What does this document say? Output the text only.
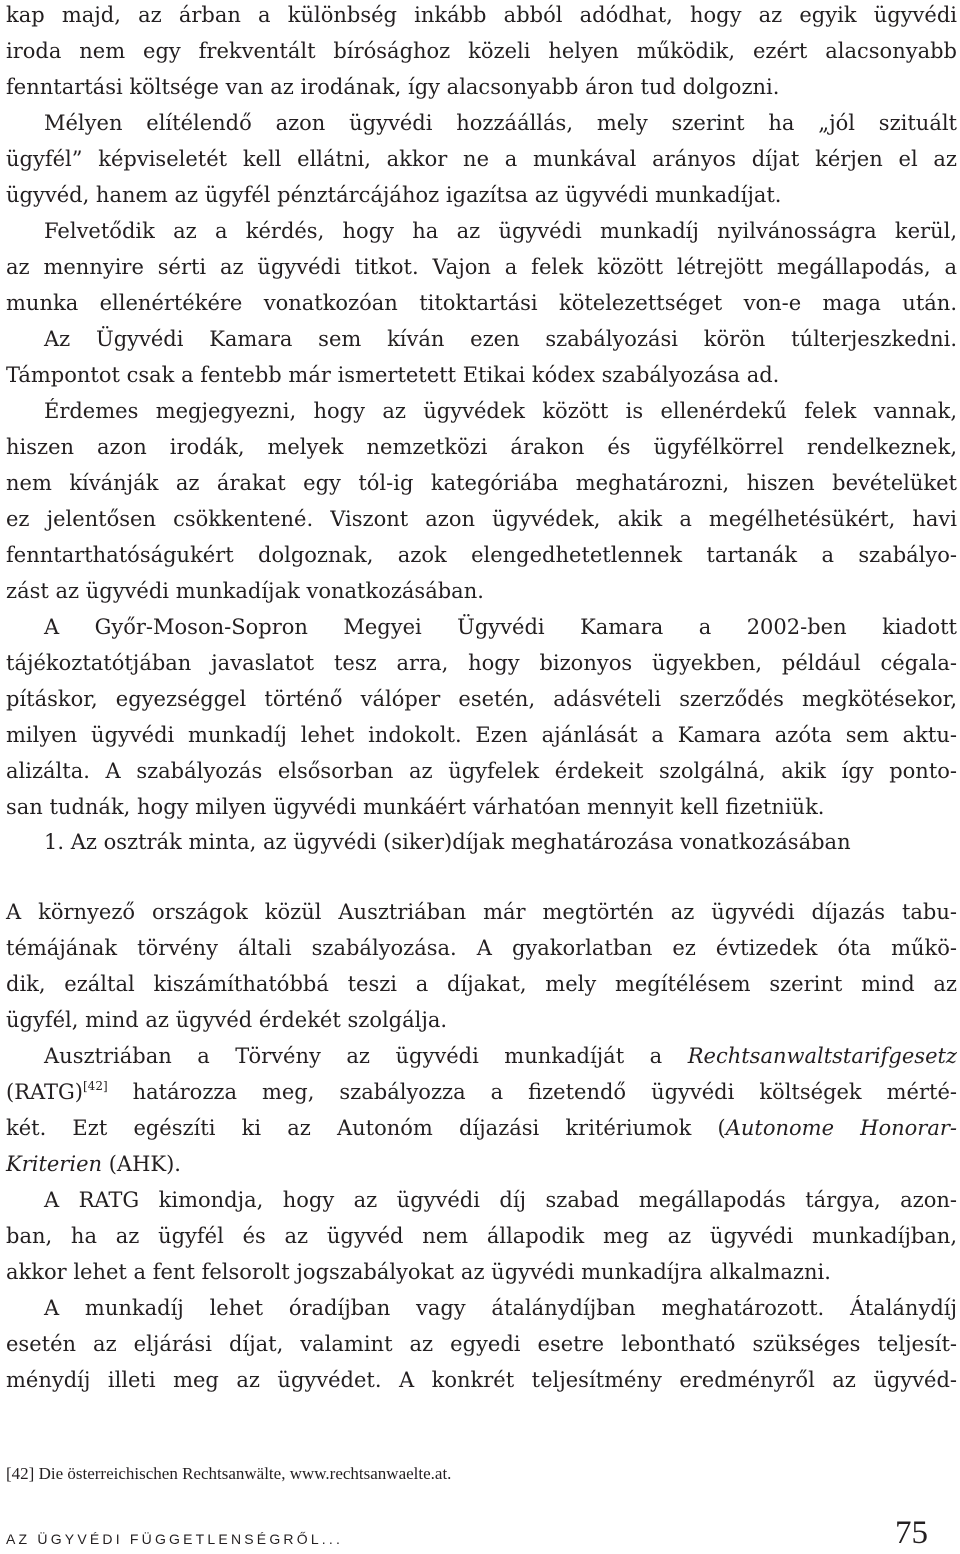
kap majd, az árban a különbség inkább abból adódhat, hogy az egyik ügyvédi
iroda nem egy frekventált bírósághoz közeli helyen működik, ezért alacsonyabb
fenntartási költsége van az irodának, így alacsonyabb áron tud dolgozni.
Mélyen elítélendő azon ügyvédi hozzáállás, mely szerint ha „jól szituált
ügyfél” képviseletét kell ellátni, akkor ne a munkával arányos díjat kérjen el az
ügyvéd, hanem az ügyfél pénztárcájához igazítsa az ügyvédi munkadíjat.
Felvetődik az a kérdés, hogy ha az ügyvédi munkadíj nyilvánosságra kerül,
az mennyire sérti az ügyvédi titkot. Vajon a felek között létrejött megállapodás, a
munka ellenértékére vonatkozóan titoktartási kötelezettséget von-e maga után.
Az Ügyvédi Kamara sem kíván ezen szabályozási körön túlterjeszkedni.
Támpontot csak a fentebb már ismertetett Etikai kódex szabályozása ad.
Érdemes megjegyezni, hogy az ügyvédek között is ellenérdekű felek vannak,
hiszen azon irodák, melyek nemzetközi árakon és ügyfélkörrel rendelkeznek,
nem kívánják az árakat egy tól-ig kategóriába meghatározni, hiszen bevételüket
ez jelentősen csökkentené. Viszont azon ügyvédek, akik a megélhetésükért, havi
fenntarthatóságukért dolgoznak, azok elengedhetetlennek tartanák a szabályo-
zást az ügyvédi munkadíjak vonatkozásában.
A Győr-Moson-Sopron Megyei Ügyvédi Kamara a 2002-ben kiadott
tájékoztatótjában javaslatot tesz arra, hogy bizonyos ügyekben, például cégala-
pításkor, egyezséggel történő válóper esetén, adásvételi szerződés megkötésekor,
milyen ügyvédi munkadíj lehet indokolt. Ezen ajánlását a Kamara azóta sem aktu-
alizálta. A szabályozás elsősorban az ügyfelek érdekeit szolgálná, akik így ponto-
san tudnák, hogy milyen ügyvédi munkáért várhatóan mennyit kell fizetniük.
1. Az osztrák minta, az ügyvédi (siker)díjak meghatározása vonatkozásában
A környező országok közül Ausztriában már megtörtén az ügyvédi díjazás tabu-
témájának törvény általi szabályozása. A gyakorlatban ez évtizedek óta műkö-
dik, ezáltal kiszámíthatóbbá teszi a díjakat, mely megítélésem szerint mind az
ügyfél, mind az ügyvéd érdekét szolgálja.
Ausztriában a Törvény az ügyvédi munkadíját a Rechtsanwaltstarifgesetz
(RATG)[42] határozza meg, szabályozza a fizetendő ügyvédi költségek mérté-
két. Ezt egészíti ki az Autonóm díjazási kritériumok (Autonome Honorar-
Kriterien (AHK).
A RATG kimondja, hogy az ügyvédi díj szabad megállapodás tárgya, azon-
ban, ha az ügyfél és az ügyvéd nem állapodik meg az ügyvédi munkadíjban,
akkor lehet a fent felsorolt jogszabályokat az ügyvédi munkadíjra alkalmazni.
A munkadíj lehet óradíjban vagy átalánydíjban meghatározott. Átalánydíj
esetén az eljárási díjat, valamint az egyedi esetre lebontható szükséges teljesít-
ménydíj illeti meg az ügyvédet. A konkrét teljesítmény eredményről az ügyvéd-
[42] Die österreichischen Rechtsanwälte, www.rechtsanwaelte.at.
AZ ÜGYVÉDI FÜGGETLENSÉGRŐL...	75
